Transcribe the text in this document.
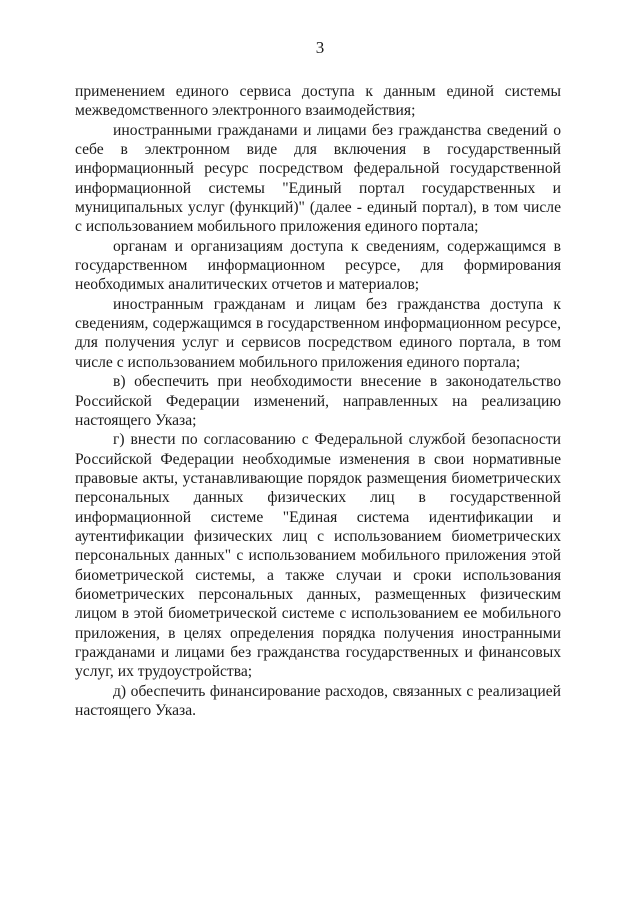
3

применением единого сервиса доступа к данным единой системы межведомственного электронного взаимодействия;

иностранными гражданами и лицами без гражданства сведений о себе в электронном виде для включения в государственный информационный ресурс посредством федеральной государственной информационной системы "Единый портал государственных и муниципальных услуг (функций)" (далее - единый портал), в том числе с использованием мобильного приложения единого портала;

органам и организациям доступа к сведениям, содержащимся в государственном информационном ресурсе, для формирования необходимых аналитических отчетов и материалов;

иностранным гражданам и лицам без гражданства доступа к сведениям, содержащимся в государственном информационном ресурсе, для получения услуг и сервисов посредством единого портала, в том числе с использованием мобильного приложения единого портала;

в) обеспечить при необходимости внесение в законодательство Российской Федерации изменений, направленных на реализацию настоящего Указа;

г) внести по согласованию с Федеральной службой безопасности Российской Федерации необходимые изменения в свои нормативные правовые акты, устанавливающие порядок размещения биометрических персональных данных физических лиц в государственной информационной системе "Единая система идентификации и аутентификации физических лиц с использованием биометрических персональных данных" с использованием мобильного приложения этой биометрической системы, а также случаи и сроки использования биометрических персональных данных, размещенных физическим лицом в этой биометрической системе с использованием ее мобильного приложения, в целях определения порядка получения иностранными гражданами и лицами без гражданства государственных и финансовых услуг, их трудоустройства;

д) обеспечить финансирование расходов, связанных с реализацией настоящего Указа.
